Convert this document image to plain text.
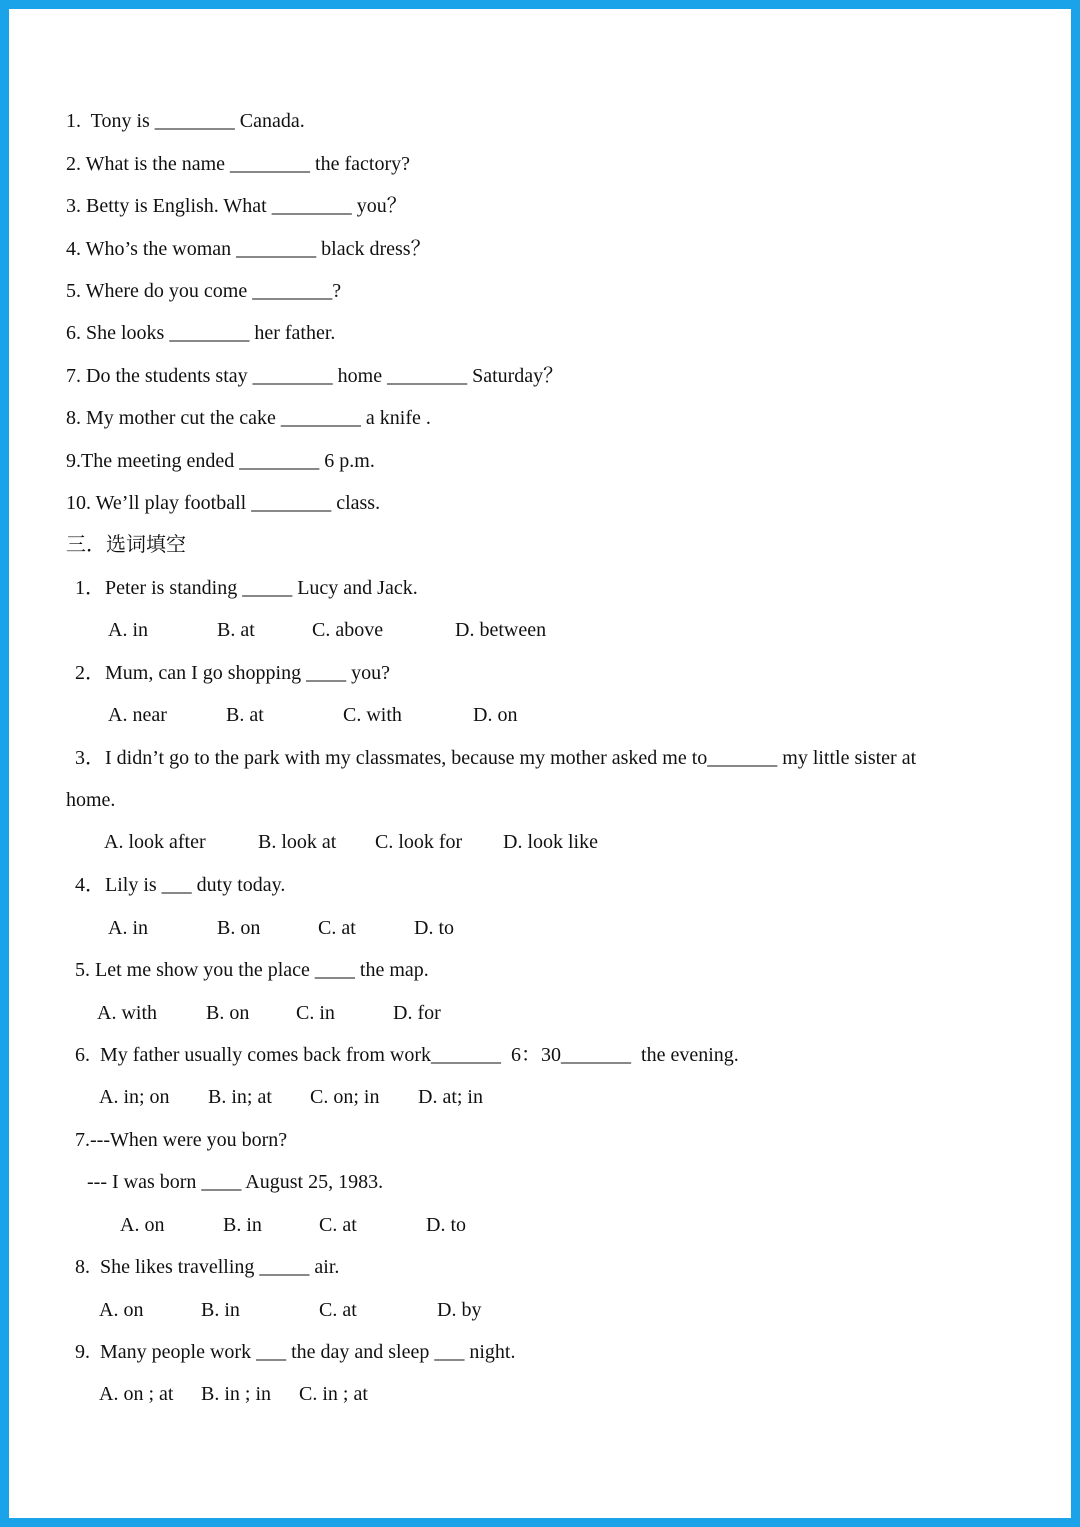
1.  Tony is ________ Canada.
2. What is the name ________ the factory?
3. Betty is English. What ________ you？
4. Who’s the woman ________ black dress？
5. Where do you come ________?
6. She looks ________ her father.
7. Do the students stay ________ home ________ Saturday？
8. My mother cut the cake ________ a knife .
9.The meeting ended ________ 6 p.m.
10. We’ll play football ________ class.
三．选词填空
1．Peter is standing _____ Lucy and Jack.
A. in	B. at	C. above	D. between
2．Mum, can I go shopping ____ you?
A. near	B. at	C. with	D. on
3．I didn’t go to the park with my classmates, because my mother asked me to_______ my little sister at
home.
A. look after	B. look at C. look for D. look like
4．Lily is ___ duty today.
A. in	B. on	C. at	D. to
5. Let me show you the place ____ the map.
A. with B. on C. in	D. for
6.  My father usually comes back from work_______  6：30_______  the evening.
A. in; on B. in; at C. on; in D. at; in
7.---When were you born?
--- I was born ____ August 25, 1983.
A. on	B. in	C. at	D. to
8.  She likes travelling _____ air.
A. on	B. in	C. at	D. by
9.  Many people work ___ the day and sleep ___ night.
A. on ; at B. in ; in C. in ; at
